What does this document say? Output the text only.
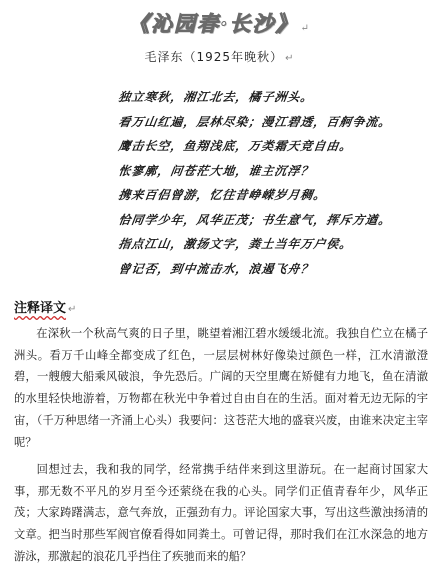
《沁园春·长沙》 ↵
毛泽东（1925年晚秋） ↵
独立寒秋，湘江北去，橘子洲头。
看万山红遍，层林尽染；漫江碧透，百舸争流。
鹰击长空，鱼翔浅底，万类霜天竞自由。
怅寥廓，问苍茫大地，谁主沉浮？
携来百侣曾游，忆往昔峥嵘岁月稠。
恰同学少年，风华正茂；书生意气，挥斥方遒。
指点江山，激扬文字，粪土当年万户侯。
曾记否，到中流击水，浪遏飞舟？
注释译文 ↵
在深秋一个秋高气爽的日子里，眺望着湘江碧水缓缓北流。我独自伫立在橘子洲头。看万千山峰全都变成了红色，一层层树林好像染过颜色一样，江水清澈澄碧，一艘艘大船乘风破浪，争先恐后。广阔的天空里鹰在矫健有力地飞，鱼在清澈的水里轻快地游着，万物都在秋光中争着过自由自在的生活。面对着无边无际的宇宙，（千万种思绪一齐涌上心头）我要问：这苍茫大地的盛衰兴废，由谁来决定主宰呢？
回想过去，我和我的同学，经常携手结伴来到这里游玩。在一起商讨国家大事，那无数不平凡的岁月至今还萦绕在我的心头。同学们正值青春年少，风华正茂；大家踌躇满志，意气奔放，正强劲有力。评论国家大事，写出这些激浊扬清的文章。把当时那些军阀官僚看得如同粪土。可曾记得，那时我们在江水深急的地方游泳，那激起的浪花几乎挡住了疾驰而来的船？
